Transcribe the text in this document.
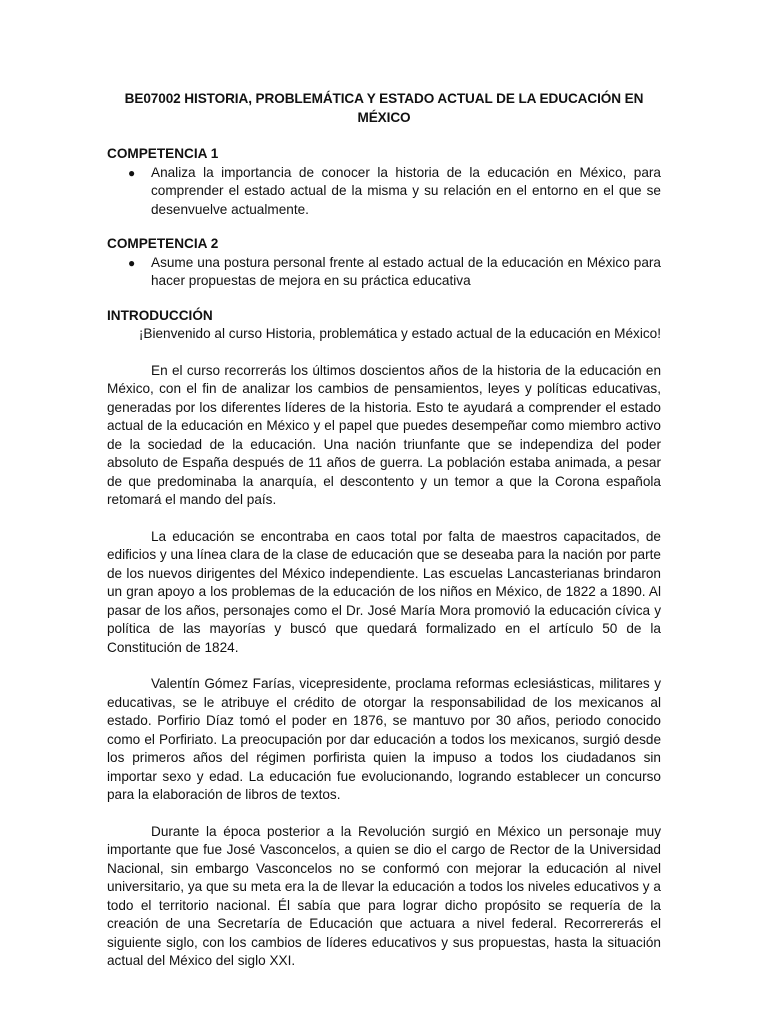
BE07002 HISTORIA, PROBLEMÁTICA Y ESTADO ACTUAL DE LA EDUCACIÓN EN MÉXICO
COMPETENCIA 1
● Analiza la importancia de conocer la historia de la educación en México, para comprender el estado actual de la misma y su relación en el entorno en el que se desenvuelve actualmente.
COMPETENCIA 2
● Asume una postura personal frente al estado actual de la educación en México para hacer propuestas de mejora en su práctica educativa
INTRODUCCIÓN
¡Bienvenido al curso Historia, problemática y estado actual de la educación en México!

En el curso recorrerás los últimos doscientos años de la historia de la educación en México, con el fin de analizar los cambios de pensamientos, leyes y políticas educativas, generadas por los diferentes líderes de la historia. Esto te ayudará a comprender el estado actual de la educación en México y el papel que puedes desempeñar como miembro activo de la sociedad de la educación. Una nación triunfante que se independiza del poder absoluto de España después de 11 años de guerra. La población estaba animada, a pesar de que predominaba la anarquía, el descontento y un temor a que la Corona española retomará el mando del país.

La educación se encontraba en caos total por falta de maestros capacitados, de edificios y una línea clara de la clase de educación que se deseaba para la nación por parte de los nuevos dirigentes del México independiente. Las escuelas Lancasterianas brindaron un gran apoyo a los problemas de la educación de los niños en México, de 1822 a 1890. Al pasar de los años, personajes como el Dr. José María Mora promovió la educación cívica y política de las mayorías y buscó que quedará formalizado en el artículo 50 de la Constitución de 1824.

Valentín Gómez Farías, vicepresidente, proclama reformas eclesiásticas, militares y educativas, se le atribuye el crédito de otorgar la responsabilidad de los mexicanos al estado. Porfirio Díaz tomó el poder en 1876, se mantuvo por 30 años, periodo conocido como el Porfiriato. La preocupación por dar educación a todos los mexicanos, surgió desde los primeros años del régimen porfirista quien la impuso a todos los ciudadanos sin importar sexo y edad. La educación fue evolucionando, logrando establecer un concurso para la elaboración de libros de textos.

Durante la época posterior a la Revolución surgió en México un personaje muy importante que fue José Vasconcelos, a quien se dio el cargo de Rector de la Universidad Nacional, sin embargo Vasconcelos no se conformó con mejorar la educación al nivel universitario, ya que su meta era la de llevar la educación a todos los niveles educativos y a todo el territorio nacional. Él sabía que para lograr dicho propósito se requería de la creación de una Secretaría de Educación que actuara a nivel federal. Recorrererás el siguiente siglo, con los cambios de líderes educativos y sus propuestas, hasta la situación actual del México del siglo XXI.
